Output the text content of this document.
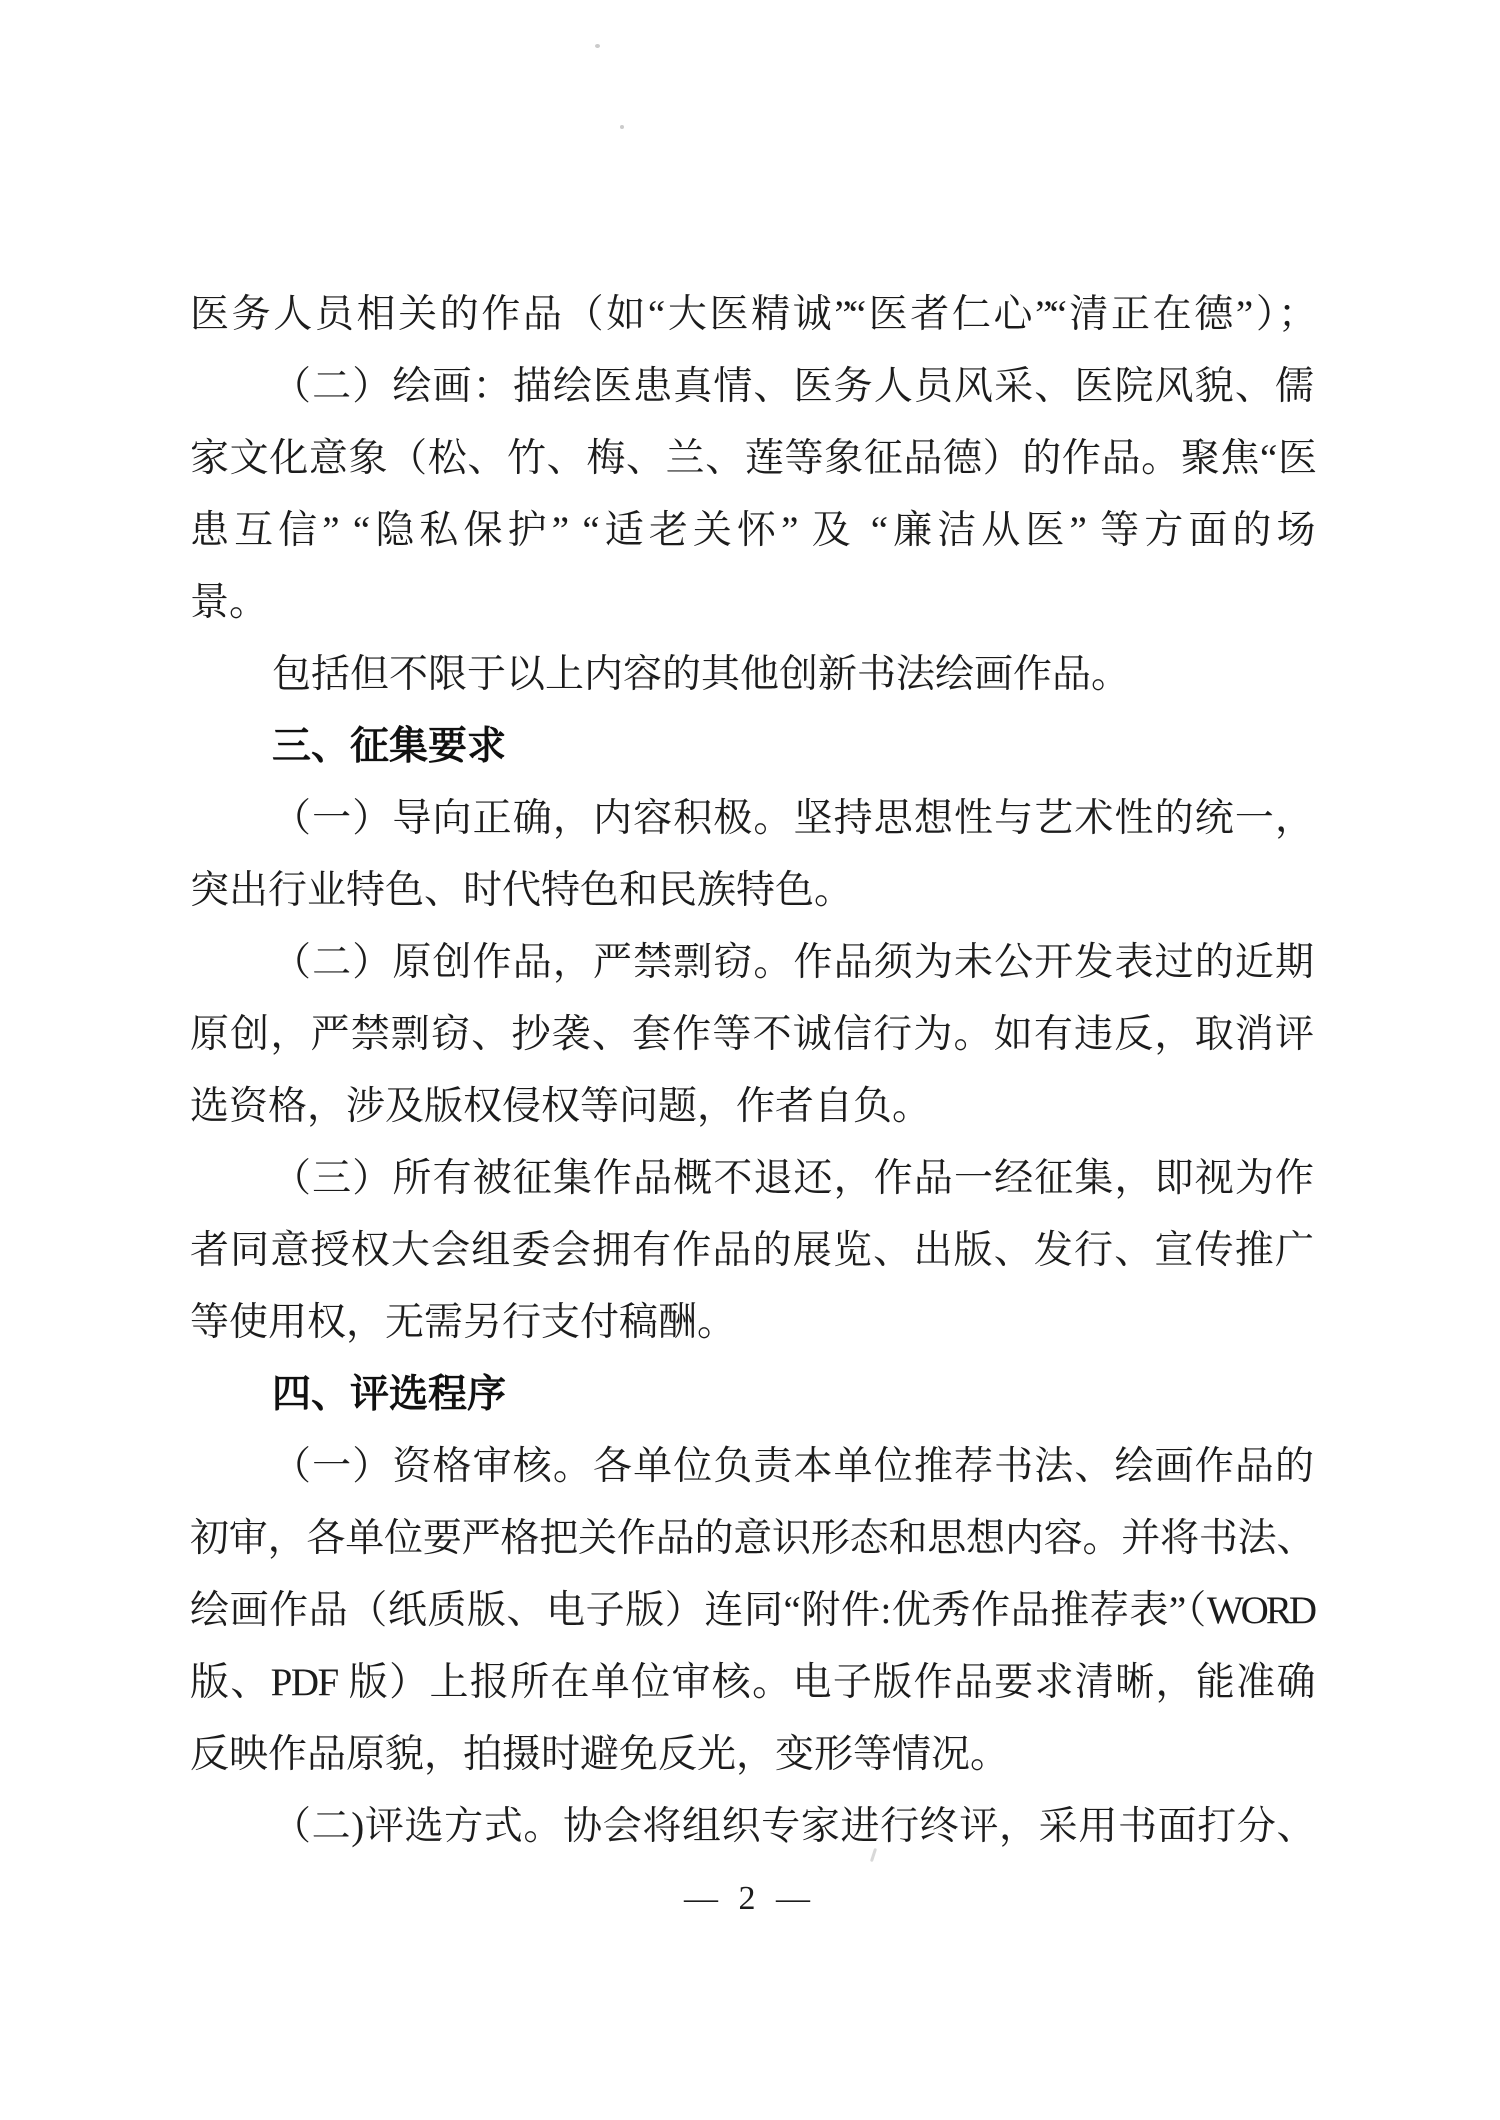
医务人员相关的作品（如“大医精诚”“医者仁心”“清正在德”）；

（二）绘画：描绘医患真情、医务人员风采、医院风貌、儒

家文化意象（松、竹、梅、兰、莲等象征品德）的作品。聚焦“医

患互信” “隐私保护” “适老关怀” 及 “廉洁从医” 等方面的场

景。

包括但不限于以上内容的其他创新书法绘画作品。

三、征集要求

（一）导向正确，内容积极。坚持思想性与艺术性的统一，

突出行业特色、时代特色和民族特色。

（二）原创作品，严禁剽窃。作品须为未公开发表过的近期

原创，严禁剽窃、抄袭、套作等不诚信行为。如有违反，取消评

选资格，涉及版权侵权等问题，作者自负。

（三）所有被征集作品概不退还，作品一经征集，即视为作

者同意授权大会组委会拥有作品的展览、出版、发行、宣传推广

等使用权，无需另行支付稿酬。

四、评选程序

（一）资格审核。各单位负责本单位推荐书法、绘画作品的

初审，各单位要严格把关作品的意识形态和思想内容。并将书法、

绘画作品（纸质版、电子版）连同“附件:优秀作品推荐表”（WORD

版、PDF 版）上报所在单位审核。电子版作品要求清晰，能准确

反映作品原貌，拍摄时避免反光，变形等情况。

（二)评选方式。协会将组织专家进行终评，采用书面打分、

— 2 —
